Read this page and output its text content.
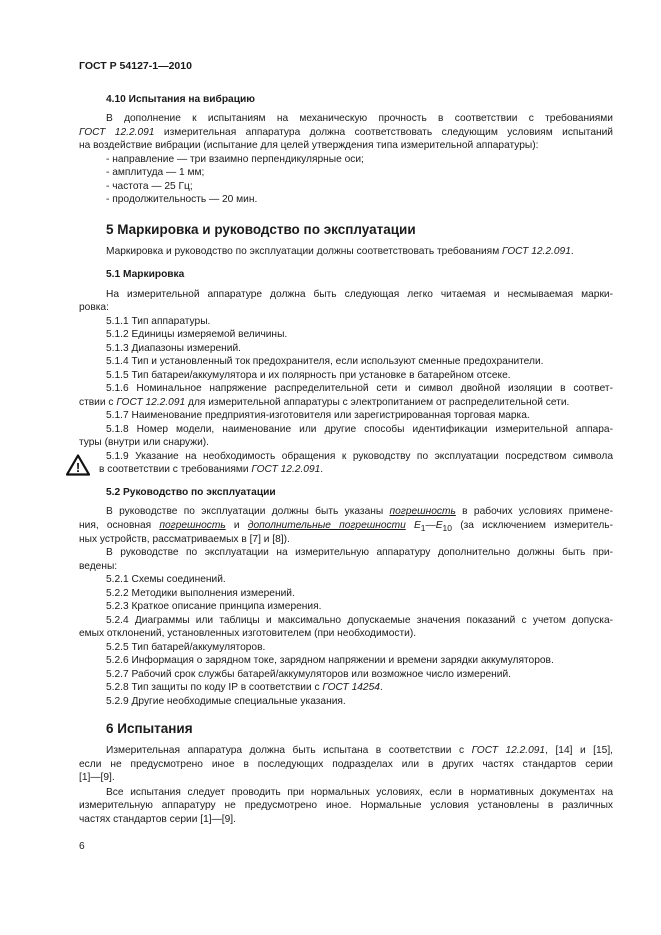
ГОСТ Р 54127-1—2010
4.10 Испытания на вибрацию
В дополнение к испытаниям на механическую прочность в соответствии с требованиями
ГОСТ 12.2.091 измерительная аппаратура должна соответствовать следующим условиям испытаний
на воздействие вибрации (испытание для целей утверждения типа измерительной аппаратуры):
- направление — три взаимно перпендикулярные оси;
- амплитуда — 1 мм;
- частота — 25 Гц;
- продолжительность — 20 мин.
5 Маркировка и руководство по эксплуатации
Маркировка и руководство по эксплуатации должны соответствовать требованиям ГОСТ 12.2.091.
5.1 Маркировка
На измерительной аппаратуре должна быть следующая легко читаемая и несмываемая марки-
ровка:
5.1.1 Тип аппаратуры.
5.1.2 Единицы измеряемой величины.
5.1.3 Диапазоны измерений.
5.1.4 Тип и установленный ток предохранителя, если используют сменные предохранители.
5.1.5 Тип батареи/аккумулятора и их полярность при установке в батарейном отсеке.
5.1.6 Номинальное напряжение распределительной сети и символ двойной изоляции в соответ-
ствии с ГОСТ 12.2.091 для измерительной аппаратуры с электропитанием от распределительной сети.
5.1.7 Наименование предприятия-изготовителя или зарегистрированная торговая марка.
5.1.8 Номер модели, наименование или другие способы идентификации измерительной аппара-
туры (внутри или снаружи).
5.1.9 Указание на необходимость обращения к руководству по эксплуатации посредством символа
! в соответствии с требованиями ГОСТ 12.2.091.
5.2 Руководство по эксплуатации
В руководстве по эксплуатации должны быть указаны погрешность в рабочих условиях примене-
ния, основная погрешность и дополнительные погрешности $E_1—E_{10}$ (за исключением измеритель-
ных устройств, рассматриваемых в [7] и [8]).
В руководстве по эксплуатации на измерительную аппаратуру дополнительно должны быть при-
ведены:
5.2.1 Схемы соединений.
5.2.2 Методики выполнения измерений.
5.2.3 Краткое описание принципа измерения.
5.2.4 Диаграммы или таблицы и максимально допускаемые значения показаний с учетом допуска-
емых отклонений, установленных изготовителем (при необходимости).
5.2.5 Тип батарей/аккумуляторов.
5.2.6 Информация о зарядном токе, зарядном напряжении и времени зарядки аккумуляторов.
5.2.7 Рабочий срок службы батарей/аккумуляторов или возможное число измерений.
5.2.8 Тип защиты по коду IP в соответствии с ГОСТ 14254.
5.2.9 Другие необходимые специальные указания.
6 Испытания
Измерительная аппаратура должна быть испытана в соответствии с ГОСТ 12.2.091, [14] и [15],
если не предусмотрено иное в последующих подразделах или в других частях стандартов серии
[1]—[9].
Все испытания следует проводить при нормальных условиях, если в нормативных документах на
измерительную аппаратуру не предусмотрено иное. Нормальные условия установлены в различных
частях стандартов серии [1]—[9].
6
